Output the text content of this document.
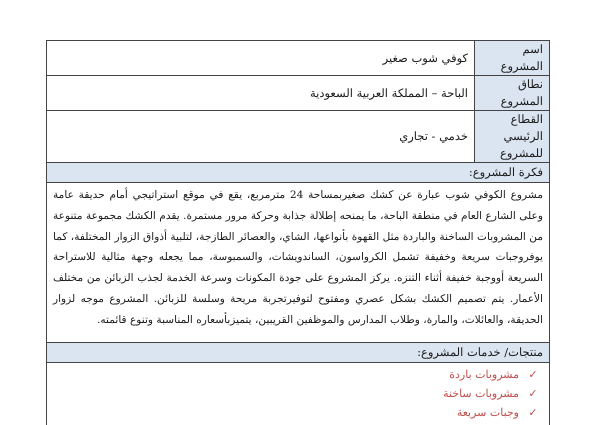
اسم المشروع	كوفي شوب صغير
نطاق المشروع	الباحة – المملكة العربية السعودية
القطاع الرئيسي للمشروع	خدمي - تجاري
فكرة المشروع:
مشروع الكوفي شوب عبارة عن كشك صغيربمساحة 24 مترمربع، يقع في موقع استراتيجي أمام حديقة عامة وعلى الشارع العام في منطقة الباحة، ما يمنحه إطلالة جذابة وحركة مرور مستمرة. يقدم الكشك مجموعة متنوعة من المشروبات الساخنة والباردة مثل القهوة بأنواعها، الشاي، والعصائر الطازجة، لتلبية أذواق الزوار المختلفة، كما يوفروجبات سريعة وخفيفة تشمل الكرواسون، الساندويشات، والسمبوسة، مما يجعله وجهة مثالية للاستراحة السريعة أووجبة خفيفة أثناء التنزه. يركز المشروع على جودة المكونات وسرعة الخدمة لجذب الزبائن من مختلف الأعمار. يتم تصميم الكشك بشكل عصري ومفتوح لتوفيرتجربة مريحة وسلسة للزبائن. المشروع موجه لزوار الحديقة، والعائلات، والمارة، وطلاب المدارس والموظفين القريبين، يتميزبأسعاره المناسبة وتنوع قائمته.
منتجات/ خدمات المشروع:
✓
مشروبات باردة
✓
مشروبات ساخنة
✓
وجبات سريعة
